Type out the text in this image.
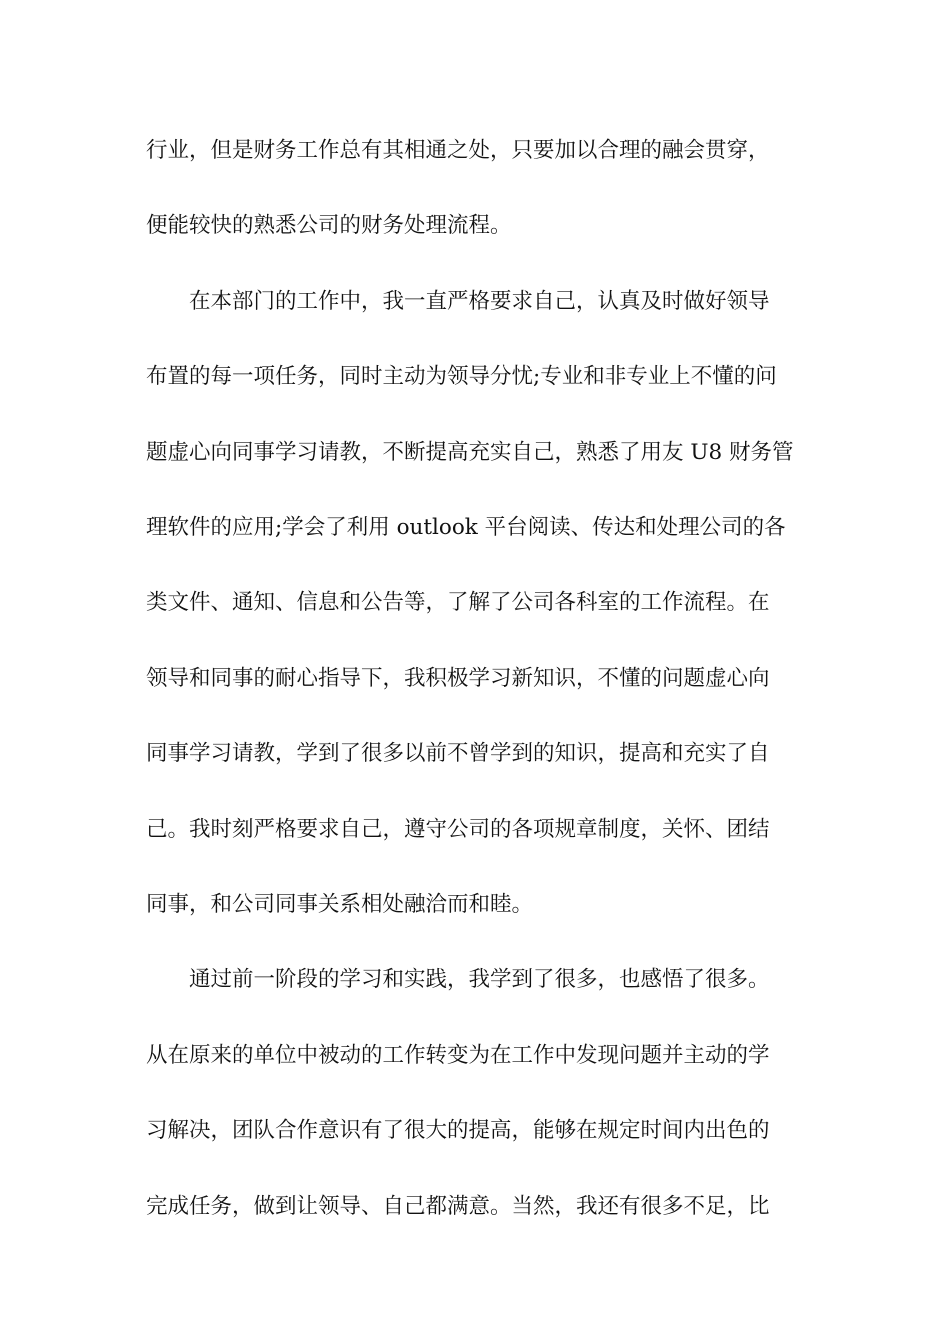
行业，但是财务工作总有其相通之处，只要加以合理的融会贯穿，
便能较快的熟悉公司的财务处理流程。
在本部门的工作中，我一直严格要求自己，认真及时做好领导
布置的每一项任务，同时主动为领导分忧;专业和非专业上不懂的问
题虚心向同事学习请教，不断提高充实自己，熟悉了用友 U8 财务管
理软件的应用;学会了利用 outlook 平台阅读、传达和处理公司的各
类文件、通知、信息和公告等，了解了公司各科室的工作流程。在
领导和同事的耐心指导下，我积极学习新知识，不懂的问题虚心向
同事学习请教，学到了很多以前不曾学到的知识，提高和充实了自
己。我时刻严格要求自己，遵守公司的各项规章制度，关怀、团结
同事，和公司同事关系相处融洽而和睦。
通过前一阶段的学习和实践，我学到了很多，也感悟了很多。
从在原来的单位中被动的工作转变为在工作中发现问题并主动的学
习解决，团队合作意识有了很大的提高，能够在规定时间内出色的
完成任务，做到让领导、自己都满意。当然，我还有很多不足，比
